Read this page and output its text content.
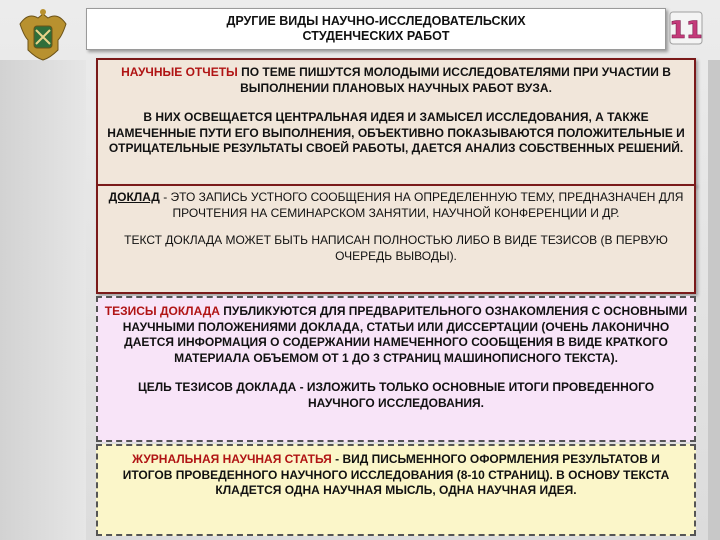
ДРУГИЕ ВИДЫ НАУЧНО-ИССЛЕДОВАТЕЛЬСКИХ
СТУДЕНЧЕСКИХ РАБОТ	11
НАУЧНЫЕ ОТЧЕТЫ ПО ТЕМЕ ПИШУТСЯ МОЛОДЫМИ ИССЛЕДОВАТЕЛЯМИ ПРИ УЧАСТИИ В ВЫПОЛНЕНИИ ПЛАНОВЫХ НАУЧНЫХ РАБОТ ВУЗА.
В НИХ ОСВЕЩАЕТСЯ ЦЕНТРАЛЬНАЯ ИДЕЯ И ЗАМЫСЕЛ ИССЛЕДОВАНИЯ, А ТАКЖЕ НАМЕЧЕННЫЕ ПУТИ ЕГО ВЫПОЛНЕНИЯ, ОБЪЕКТИВНО ПОКАЗЫВАЮТСЯ ПОЛОЖИТЕЛЬНЫЕ И ОТРИЦАТЕЛЬНЫЕ РЕЗУЛЬТАТЫ СВОЕЙ РАБОТЫ, ДАЕТСЯ АНАЛИЗ СОБСТВЕННЫХ РЕШЕНИЙ.
ДОКЛАД - ЭТО ЗАПИСЬ УСТНОГО СООБЩЕНИЯ НА ОПРЕДЕЛЕННУЮ ТЕМУ, ПРЕДНАЗНАЧЕН ДЛЯ ПРОЧТЕНИЯ НА СЕМИНАРСКОМ ЗАНЯТИИ, НАУЧНОЙ КОНФЕРЕНЦИИ И ДР.
ТЕКСТ ДОКЛАДА МОЖЕТ БЫТЬ НАПИСАН ПОЛНОСТЬЮ ЛИБО В ВИДЕ ТЕЗИСОВ (В ПЕРВУЮ ОЧЕРЕДЬ ВЫВОДЫ).
ТЕЗИСЫ ДОКЛАДА ПУБЛИКУЮТСЯ ДЛЯ ПРЕДВАРИТЕЛЬНОГО ОЗНАКОМЛЕНИЯ С ОСНОВНЫМИ НАУЧНЫМИ ПОЛОЖЕНИЯМИ ДОКЛАДА, СТАТЬИ ИЛИ ДИССЕРТАЦИИ (ОЧЕНЬ ЛАКОНИЧНО ДАЕТСЯ ИНФОРМАЦИЯ О СОДЕРЖАНИИ НАМЕЧЕННОГО СООБЩЕНИЯ В ВИДЕ КРАТКОГО МАТЕРИАЛА ОБЪЕМОМ ОТ 1 ДО 3 СТРАНИЦ МАШИНОПИСНОГО ТЕКСТА).
ЦЕЛЬ ТЕЗИСОВ ДОКЛАДА - ИЗЛОЖИТЬ ТОЛЬКО ОСНОВНЫЕ ИТОГИ ПРОВЕДЕННОГО НАУЧНОГО ИССЛЕДОВАНИЯ.
ЖУРНАЛЬНАЯ НАУЧНАЯ СТАТЬЯ - ВИД ПИСЬМЕННОГО ОФОРМЛЕНИЯ РЕЗУЛЬТАТОВ И ИТОГОВ ПРОВЕДЕННОГО НАУЧНОГО ИССЛЕДОВАНИЯ (8-10 СТРАНИЦ). В ОСНОВУ ТЕКСТА КЛАДЕТСЯ ОДНА НАУЧНАЯ МЫСЛЬ, ОДНА НАУЧНАЯ ИДЕЯ.
